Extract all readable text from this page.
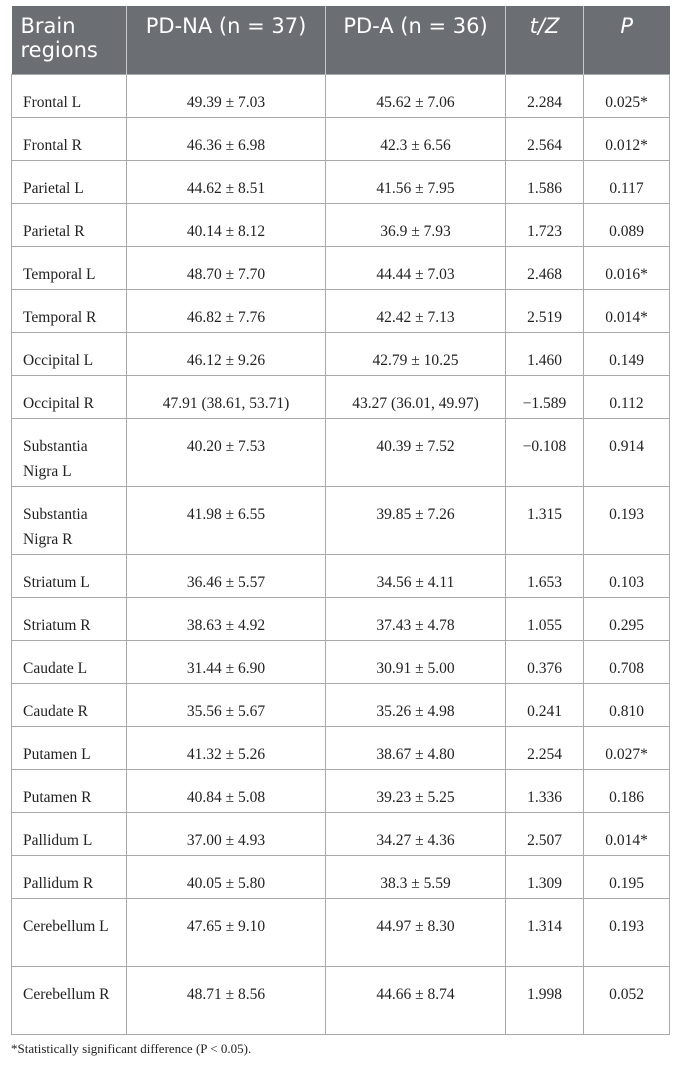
Brain regions	PD-NA (n = 37)	PD-A (n = 36)	t/Z	P
Frontal L	49.39 ± 7.03	45.62 ± 7.06	2.284	0.025*
Frontal R	46.36 ± 6.98	42.3 ± 6.56	2.564	0.012*
Parietal L	44.62 ± 8.51	41.56 ± 7.95	1.586	0.117
Parietal R	40.14 ± 8.12	36.9 ± 7.93	1.723	0.089
Temporal L	48.70 ± 7.70	44.44 ± 7.03	2.468	0.016*
Temporal R	46.82 ± 7.76	42.42 ± 7.13	2.519	0.014*
Occipital L	46.12 ± 9.26	42.79 ± 10.25	1.460	0.149
Occipital R	47.91 (38.61, 53.71)	43.27 (36.01, 49.97)	−1.589	0.112
Substantia Nigra L	40.20 ± 7.53	40.39 ± 7.52	−0.108	0.914
Substantia Nigra R	41.98 ± 6.55	39.85 ± 7.26	1.315	0.193
Striatum L	36.46 ± 5.57	34.56 ± 4.11	1.653	0.103
Striatum R	38.63 ± 4.92	37.43 ± 4.78	1.055	0.295
Caudate L	31.44 ± 6.90	30.91 ± 5.00	0.376	0.708
Caudate R	35.56 ± 5.67	35.26 ± 4.98	0.241	0.810
Putamen L	41.32 ± 5.26	38.67 ± 4.80	2.254	0.027*
Putamen R	40.84 ± 5.08	39.23 ± 5.25	1.336	0.186
Pallidum L	37.00 ± 4.93	34.27 ± 4.36	2.507	0.014*
Pallidum R	40.05 ± 5.80	38.3 ± 5.59	1.309	0.195
Cerebellum L	47.65 ± 9.10	44.97 ± 8.30	1.314	0.193
Cerebellum R	48.71 ± 8.56	44.66 ± 8.74	1.998	0.052
*Statistically significant difference (P < 0.05).
